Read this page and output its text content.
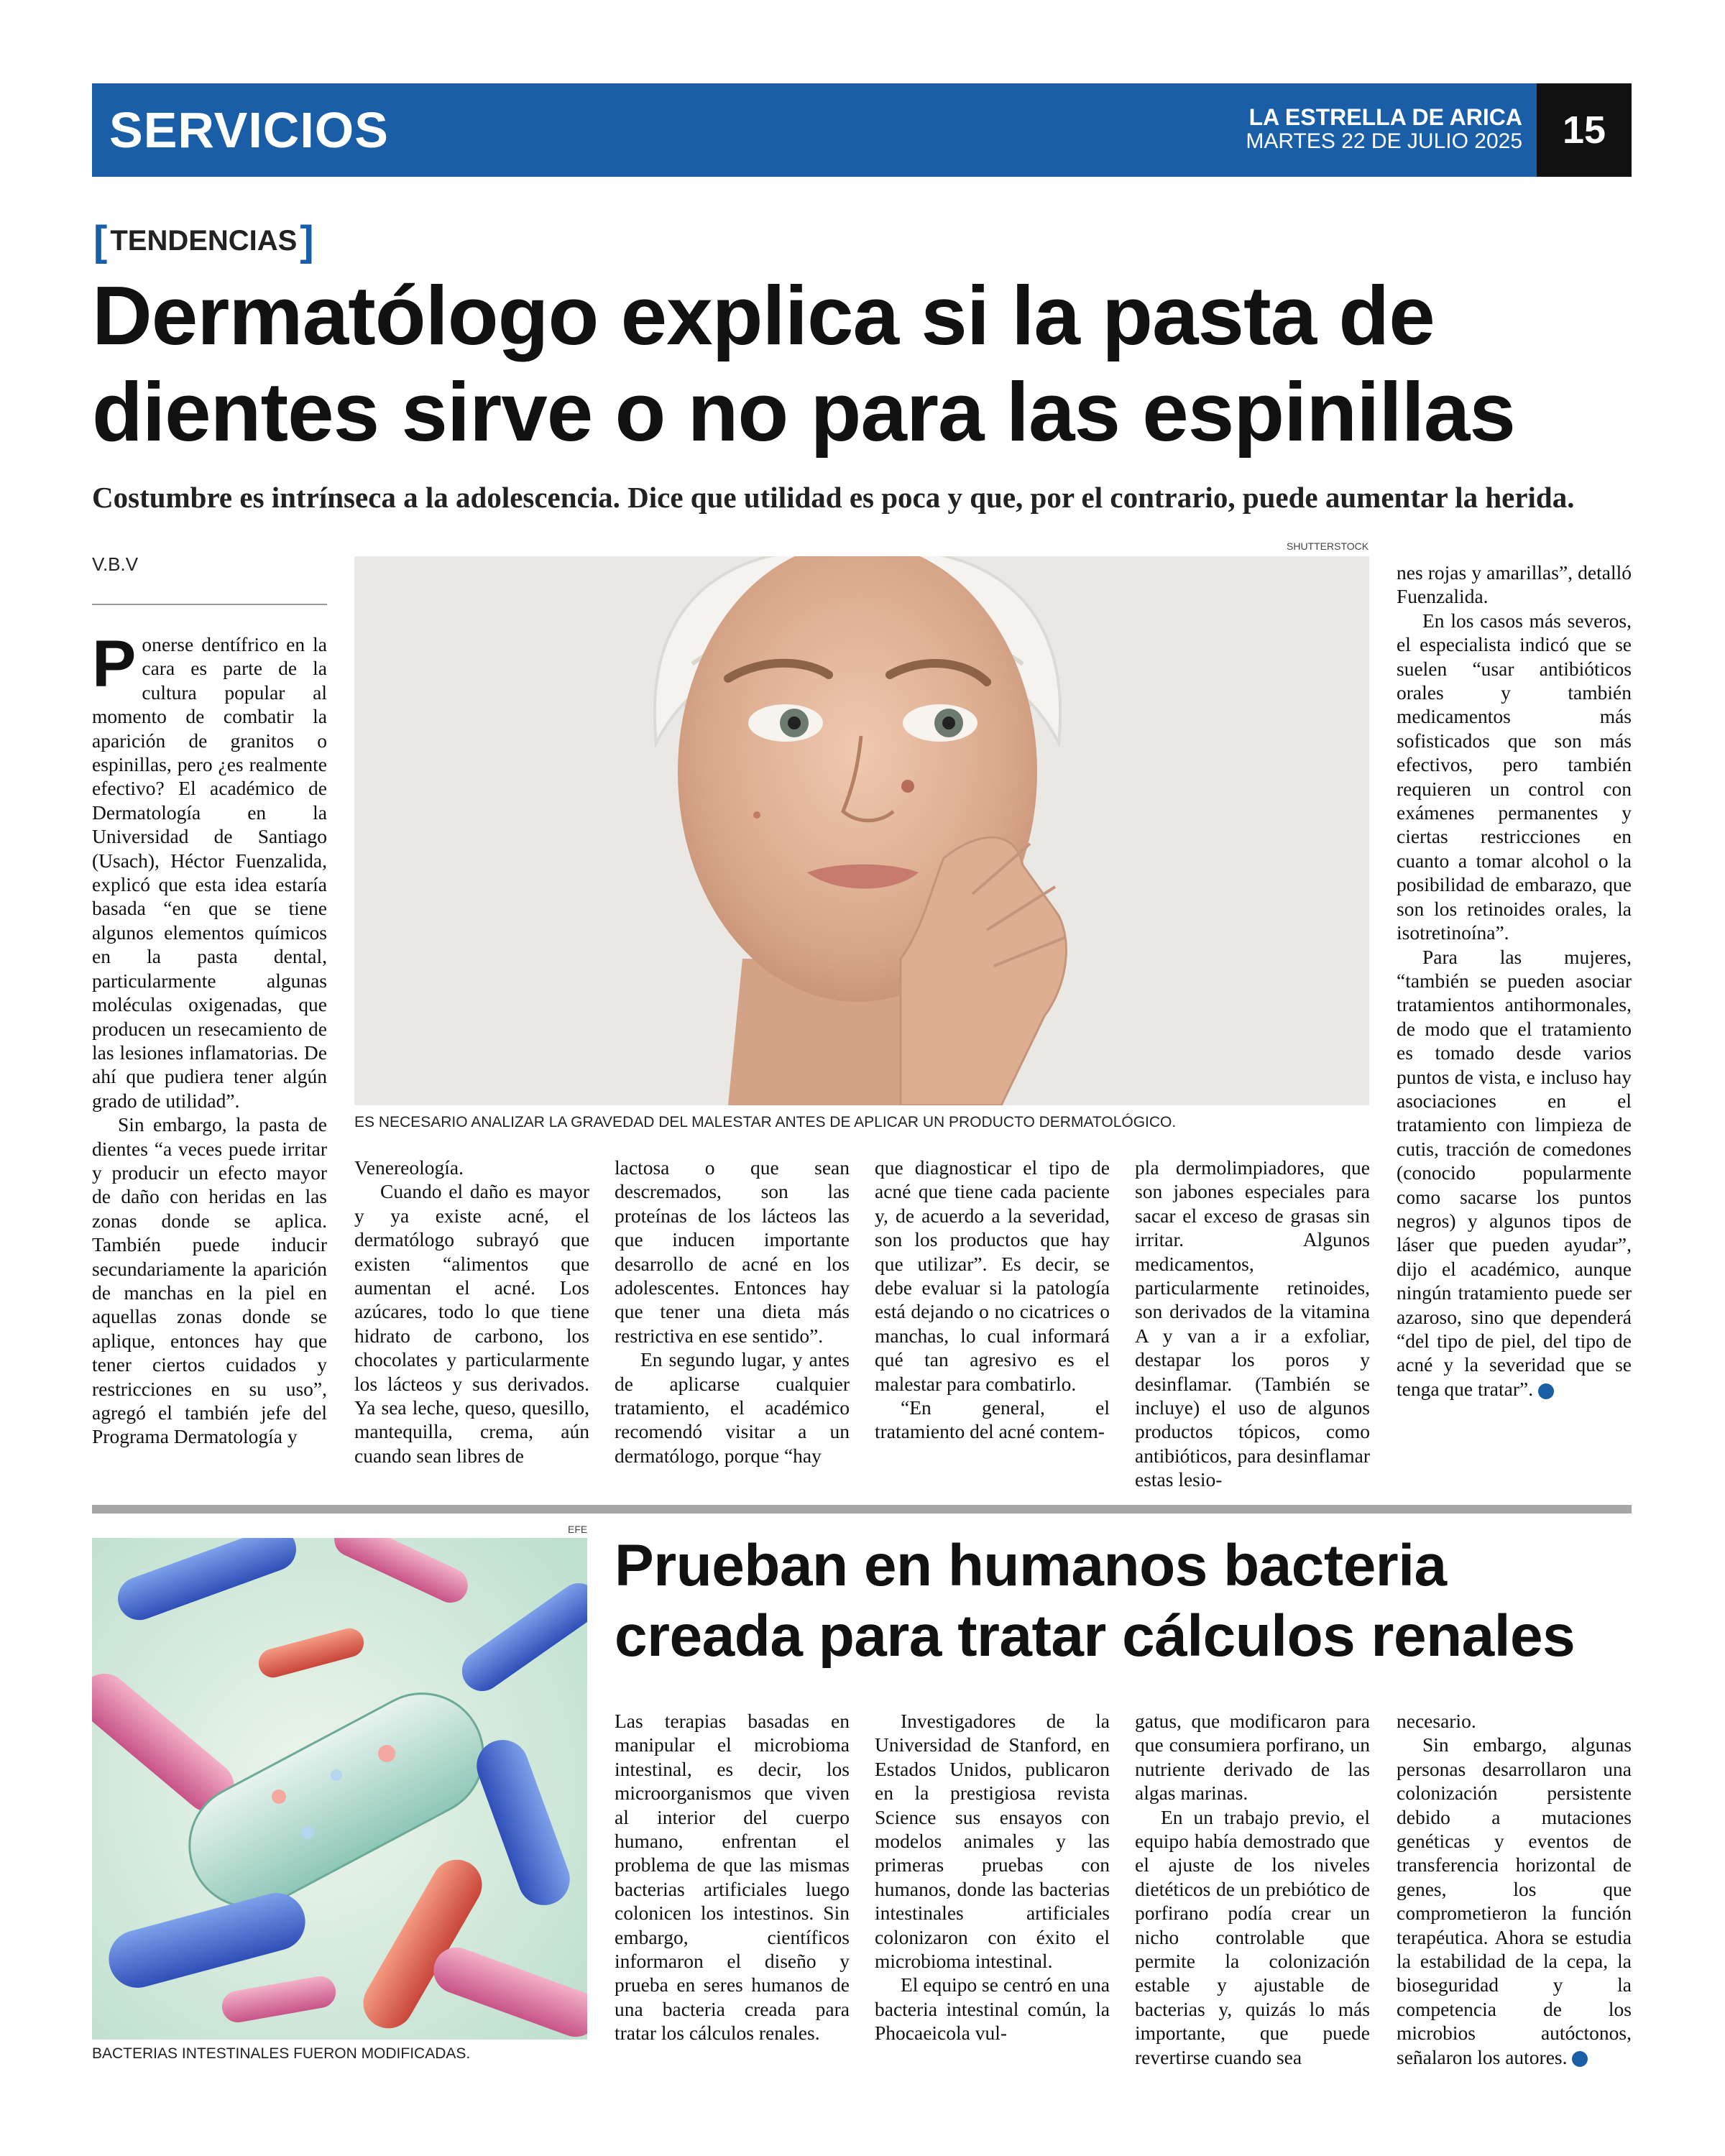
SERVICIOS	LA ESTRELLA DE ARICA
MARTES 22 DE JULIO 2025	15
[ TENDENCIAS ]
Dermatólogo explica si la pasta de dientes sirve o no para las espinillas
Costumbre es intrínseca a la adolescencia. Dice que utilidad es poca y que, por el contrario, puede aumentar la herida.
V.B.V
SHUTTERSTOCK
ES NECESARIO ANALIZAR LA GRAVEDAD DEL MALESTAR ANTES DE APLICAR UN PRODUCTO DERMATOLÓGICO.

P onerse dentífrico en la cara es parte de la cultura popular al momento de combatir la aparición de granitos o espinillas, pero ¿es realmente efectivo? El académico de Dermatología en la Universidad de Santiago (Usach), Héctor Fuenzalida, explicó que esta idea estaría basada “en que se tiene algunos elementos químicos en la pasta dental, particularmente algunas moléculas oxigenadas, que producen un resecamiento de las lesiones inflamatorias. De ahí que pudiera tener algún grado de utilidad”.

Sin embargo, la pasta de dientes “a veces puede irritar y producir un efecto mayor de daño con heridas en las zonas donde se aplica. También puede inducir secundariamente la aparición de manchas en la piel en aquellas zonas donde se aplique, entonces hay que tener ciertos cuidados y restricciones en su uso”, agregó el también jefe del Programa Dermatología y

Venereología.

Cuando el daño es mayor y ya existe acné, el dermatólogo subrayó que existen “alimentos que aumentan el acné. Los azúcares, todo lo que tiene hidrato de carbono, los chocolates y particularmente los lácteos y sus derivados. Ya sea leche, queso, quesillo, mantequilla, crema, aún cuando sean libres de

lactosa o que sean descremados, son las proteínas de los lácteos las que inducen importante desarrollo de acné en los adolescentes. Entonces hay que tener una dieta más restrictiva en ese sentido”.

En segundo lugar, y antes de aplicarse cualquier tratamiento, el académico recomendó visitar a un dermatólogo, porque “hay

que diagnosticar el tipo de acné que tiene cada paciente y, de acuerdo a la severidad, son los productos que hay que utilizar”. Es decir, se debe evaluar si la patología está dejando o no cicatrices o manchas, lo cual informará qué tan agresivo es el malestar para combatirlo.

“En general, el tratamiento del acné contem-

pla dermolimpiadores, que son jabones especiales para sacar el exceso de grasas sin irritar. Algunos medicamentos, particularmente retinoides, son derivados de la vitamina A y van a ir a exfoliar, destapar los poros y desinflamar. (También se incluye) el uso de algunos productos tópicos, como antibióticos, para desinflamar estas lesio-

nes rojas y amarillas”, detalló Fuenzalida.

En los casos más severos, el especialista indicó que se suelen “usar antibióticos orales y también medicamentos más sofisticados que son más efectivos, pero también requieren un control con exámenes permanentes y ciertas restricciones en cuanto a tomar alcohol o la posibilidad de embarazo, que son los retinoides orales, la isotretinoína”.

Para las mujeres, “también se pueden asociar tratamientos antihormonales, de modo que el tratamiento es tomado desde varios puntos de vista, e incluso hay asociaciones en el tratamiento con limpieza de cutis, tracción de comedones (conocido popularmente como sacarse los puntos negros) y algunos tipos de láser que pueden ayudar”, dijo el académico, aunque ningún tratamiento puede ser azaroso, sino que dependerá “del tipo de piel, del tipo de acné y la severidad que se tenga que tratar”.	✪

EFE
BACTERIAS INTESTINALES FUERON MODIFICADAS.
Prueban en humanos bacteria creada para tratar cálculos renales

Las terapias basadas en manipular el microbioma intestinal, es decir, los microorganismos que viven al interior del cuerpo humano, enfrentan el problema de que las mismas bacterias artificiales luego colonicen los intestinos. Sin embargo, científicos informaron el diseño y prueba en seres humanos de una bacteria creada para tratar los cálculos renales.

Investigadores de la Universidad de Stanford, en Estados Unidos, publicaron en la prestigiosa revista Science sus ensayos con modelos animales y las primeras pruebas con humanos, donde las bacterias intestinales artificiales colonizaron con éxito el microbioma intestinal.

El equipo se centró en una bacteria intestinal común, la Phocaeicola vul-

gatus, que modificaron para que consumiera porfirano, un nutriente derivado de las algas marinas.

En un trabajo previo, el equipo había demostrado que el ajuste de los niveles dietéticos de un prebiótico de porfirano podía crear un nicho controlable que permite la colonización estable y ajustable de bacterias y, quizás lo más importante, que puede revertirse cuando sea

necesario.

Sin embargo, algunas personas desarrollaron una colonización persistente debido a mutaciones genéticas y eventos de transferencia horizontal de genes, los que comprometieron la función terapéutica. Ahora se estudia la estabilidad de la cepa, la bioseguridad y la competencia de los microbios autóctonos, señalaron los autores.	✪
